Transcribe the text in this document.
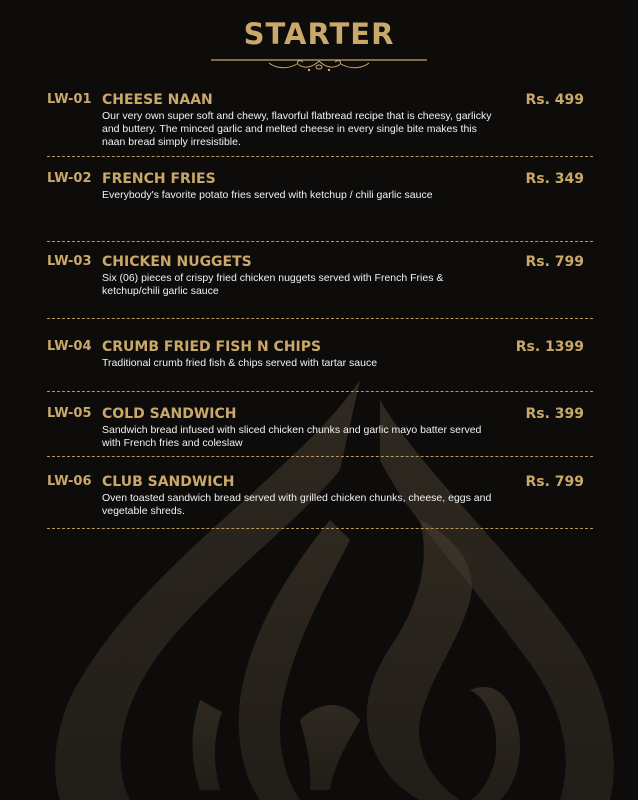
STARTER
LW-01 CHEESE NAAN	Rs. 499
Our very own super soft and chewy, flavorful flatbread recipe that is cheesy, garlicky and buttery. The minced garlic and melted cheese in every single bite makes this naan bread simply irresistible.
LW-02 FRENCH FRIES	Rs. 349
Everybody's favorite potato fries served with ketchup / chili garlic sauce
LW-03 CHICKEN NUGGETS	Rs. 799
Six (06) pieces of crispy fried chicken nuggets served with French Fries & ketchup/chili garlic sauce
LW-04 CRUMB FRIED FISH N CHIPS	Rs. 1399
Traditional crumb fried fish & chips served with tartar sauce
LW-05 COLD SANDWICH	Rs. 399
Sandwich bread infused with sliced chicken chunks and garlic mayo batter served with French fries and coleslaw
LW-06 CLUB SANDWICH	Rs. 799
Oven toasted sandwich bread served with grilled chicken chunks, cheese, eggs and vegetable shreds.
